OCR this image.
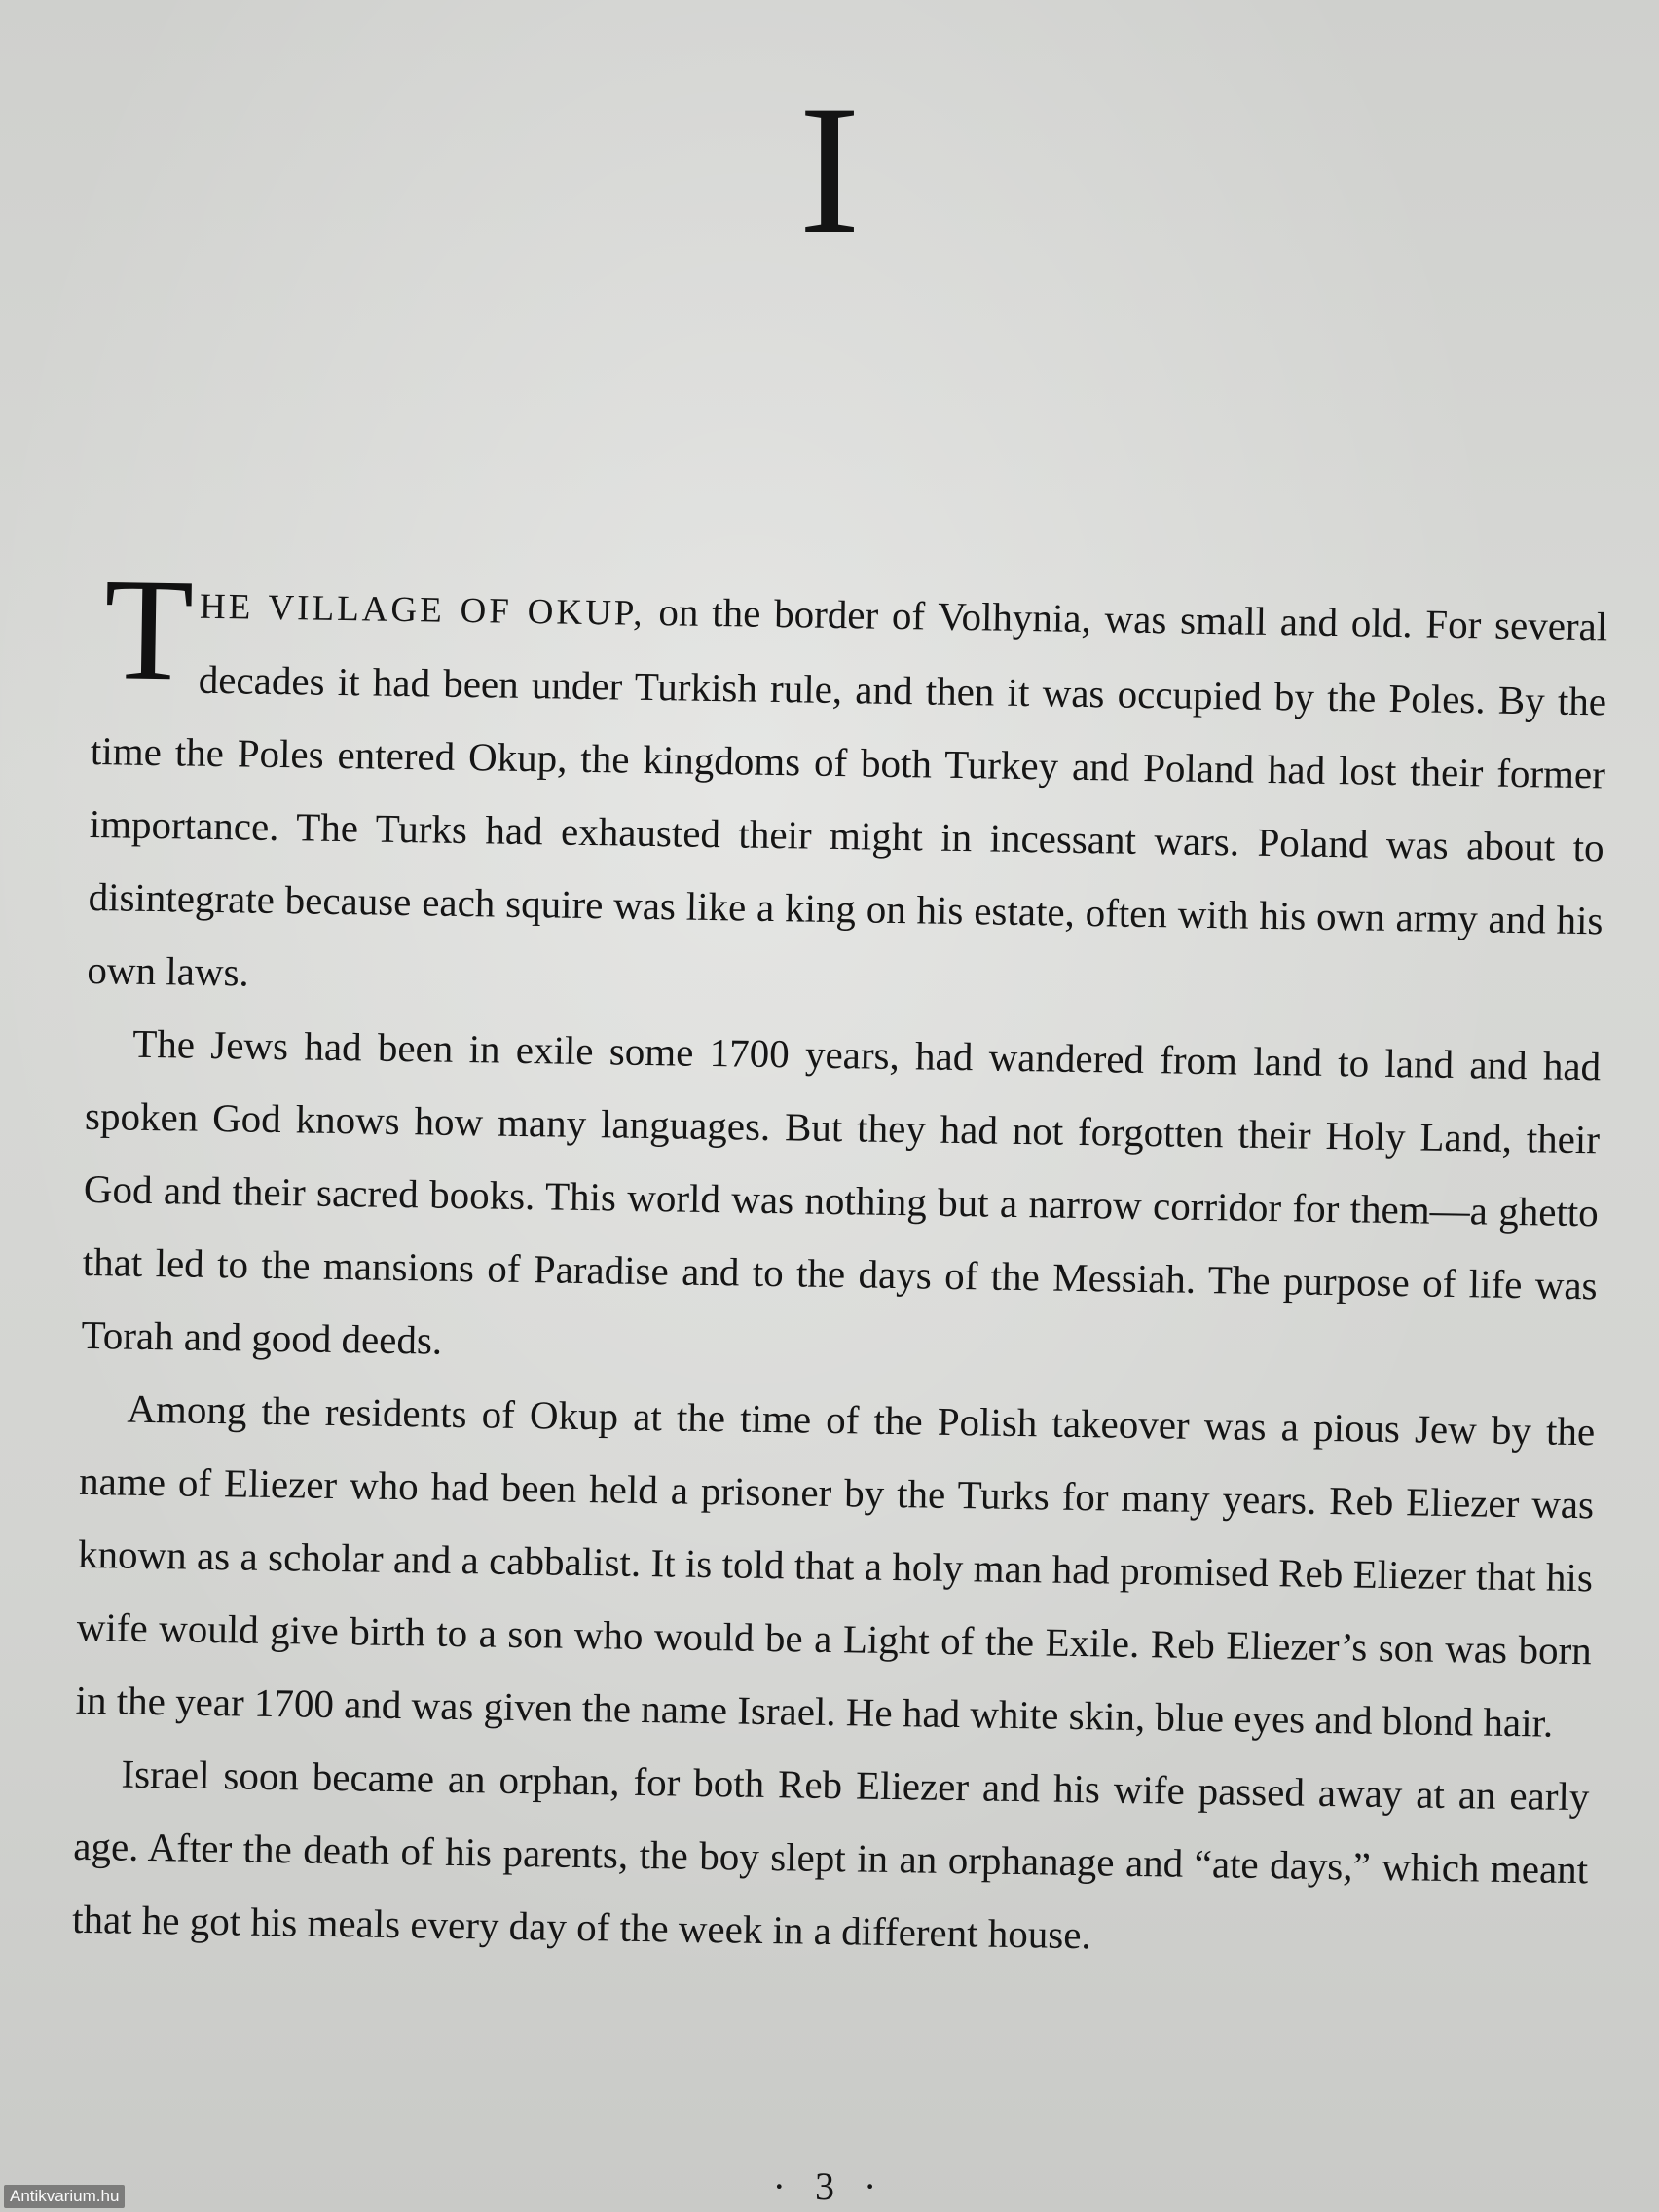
I

THE VILLAGE OF OKUP, on the border of Volhynia, was small and old. For several decades it had been under Turkish rule, and then it was occupied by the Poles. By the time the Poles entered Okup, the kingdoms of both Turkey and Poland had lost their former importance. The Turks had exhausted their might in incessant wars. Poland was about to disintegrate because each squire was like a king on his estate, often with his own army and his own laws.

The Jews had been in exile some 1700 years, had wandered from land to land and had spoken God knows how many languages. But they had not forgotten their Holy Land, their God and their sacred books. This world was nothing but a narrow corridor for them—a ghetto that led to the mansions of Paradise and to the days of the Messiah. The purpose of life was Torah and good deeds.

Among the residents of Okup at the time of the Polish takeover was a pious Jew by the name of Eliezer who had been held a prisoner by the Turks for many years. Reb Eliezer was known as a scholar and a cabbalist. It is told that a holy man had promised Reb Eliezer that his wife would give birth to a son who would be a Light of the Exile. Reb Eliezer’s son was born in the year 1700 and was given the name Israel. He had white skin, blue eyes and blond hair.

Israel soon became an orphan, for both Reb Eliezer and his wife passed away at an early age. After the death of his parents, the boy slept in an orphanage and “ate days,” which meant that he got his meals every day of the week in a different house.

· 3 ·
Antikvarium.hu
